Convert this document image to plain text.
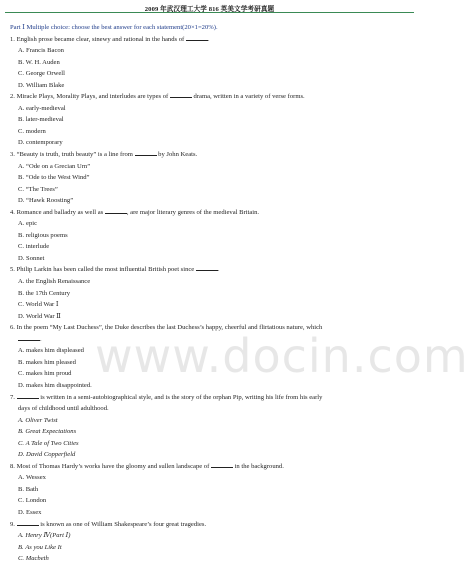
2009 年武汉理工大学 816 英美文学考研真题
Part Ⅰ Multiple choice: choose the best answer for each statement(20×1=20%).
1. English prose became clear, sinewy and rational in the hands of	.
A. Francis Bacon
B. W. H. Auden
C. George Orwell
D. William Blake
2. Miracle Plays, Morality Plays, and interludes are types of	drama, written in a variety of verse forms.
A. early-medieval
B. later-medieval
C. modern
D. contemporary
3. “Beauty is truth, truth beauty” is a line from	by John Keats.
A. “Ode on a Grecian Urn”
B. “Ode to the West Wind”
C. “The Trees”
D. “Hawk Roosting”
4. Romance and balladry as well as	, are major literary genres of the medieval Britain.
A. epic
B. religious poems
C. interlude
D. Sonnet
5. Philip Larkin has been called the most influential British poet since	.
A. the English Renaissance
B. the 17th Century
C. World War Ⅰ
D. World War Ⅱ
6. In the poem “My Last Duchess”, the Duke describes the last Duchess’s happy, cheerful and flirtatious nature, which
.
A. makes him displeased
B. makes him pleased
C. makes him proud
D. makes him disappointed.
7.	is written in a semi-autobiographical style, and is the story of the orphan Pip, writing his life from his early
days of childhood until adulthood.
A. Oliver Twist
B. Great Expectations
C. A Tale of Two Cities
D. David Copperfield
8. Most of Thomas Hardy’s works have the gloomy and sullen landscape of	in the background.
A. Wessex
B. Bath
C. London
D. Essex
9.	is known as one of William Shakespeare’s four great tragedies.
A. Henry Ⅳ(Part Ⅰ)
B. As you Like It
C. Macbeth
www.docin.com
